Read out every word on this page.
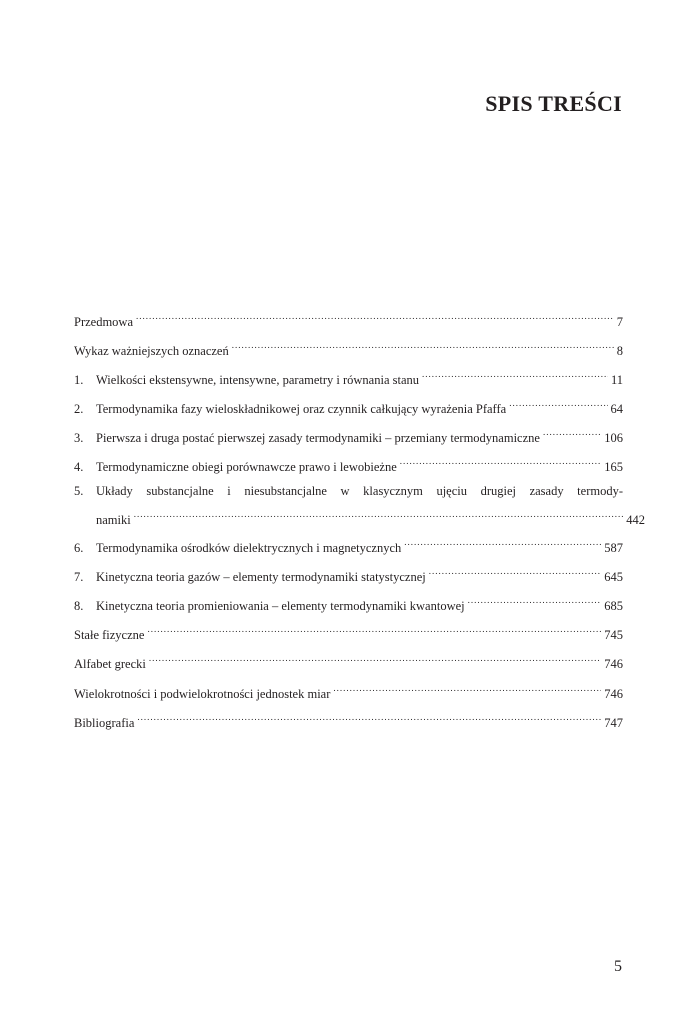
SPIS TREŚCI
Przedmowa .....	7
Wykaz ważniejszych oznaczeń .....	8
1.	Wielkości ekstensywne, intensywne, parametry i równania stanu .....	11
2.	Termodynamika fazy wieloskładnikowej oraz czynnik całkujący wyrażenia Pfaffa .....	64
3.	Pierwsza i druga postać pierwszej zasady termodynamiki – przemiany termodynamiczne .....	106
4.	Termodynamiczne obiegi porównawcze prawo i lewobieżne .....	165
5.	Układy substancjalne i niesubstancjalne w klasycznym ujęciu drugiej zasady termody-
namiki .....	442
6.	Termodynamika ośrodków dielektrycznych i magnetycznych .....	587
7.	Kinetyczna teoria gazów – elementy termodynamiki statystycznej .....	645
8.	Kinetyczna teoria promieniowania – elementy termodynamiki kwantowej .....	685
Stałe fizyczne .....	745
Alfabet grecki .....	746
Wielokrotności i podwielokrotności jednostek miar .....	746
Bibliografia .....	747
5
